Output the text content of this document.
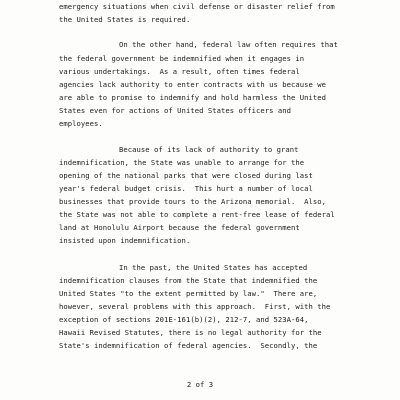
emergency situations when civil defense or disaster relief from
the United States is required.
On the other hand, federal law often requires that
the federal government be indemnified when it engages in
various undertakings.  As a result, often times federal
agencies lack authority to enter contracts with us because we
are able to promise to indemnify and hold harmless the United
States even for actions of United States officers and
employees.
Because of its lack of authority to grant
indemnification, the State was unable to arrange for the
opening of the national parks that were closed during last
year's federal budget crisis.  This hurt a number of local
businesses that provide tours to the Arizona memorial.  Also,
the State was not able to complete a rent-free lease of federal
land at Honolulu Airport because the federal government
insisted upon indemnification.
In the past, the United States has accepted
indemnification clauses from the State that indemnified the
United States "to the extent permitted by law."  There are,
however, several problems with this approach.  First, with the
exception of sections 201E-161(b)(2), 212-7, and 523A-64,
Hawaii Revised Statutes, there is no legal authority for the
State's indemnification of federal agencies.  Secondly, the
2 of 3
